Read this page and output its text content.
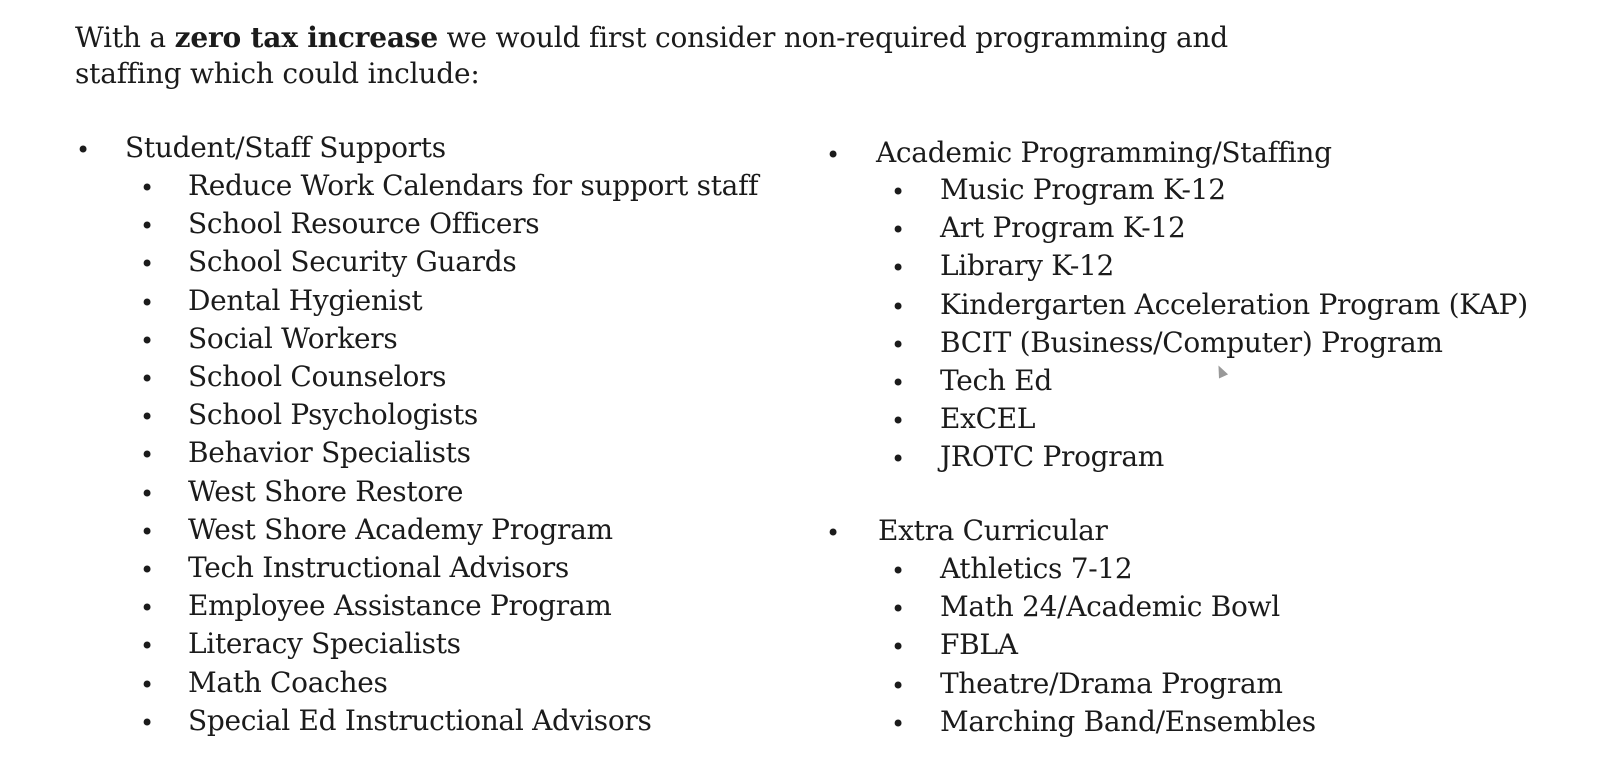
With a zero tax increase we would first consider non-required programming and staffing which could include:
• Student/Staff Supports
• Reduce Work Calendars for support staff
• School Resource Officers
• School Security Guards
• Dental Hygienist
• Social Workers
• School Counselors
• School Psychologists
• Behavior Specialists
• West Shore Restore
• West Shore Academy Program
• Tech Instructional Advisors
• Employee Assistance Program
• Literacy Specialists
• Math Coaches
• Special Ed Instructional Advisors
• Academic Programming/Staffing
• Music Program K-12
• Art Program K-12
• Library K-12
• Kindergarten Acceleration Program (KAP)
• BCIT (Business/Computer) Program
• Tech Ed
• ExCEL
• JROTC Program
• Extra Curricular
• Athletics 7-12
• Math 24/Academic Bowl
• FBLA
• Theatre/Drama Program
• Marching Band/Ensembles
